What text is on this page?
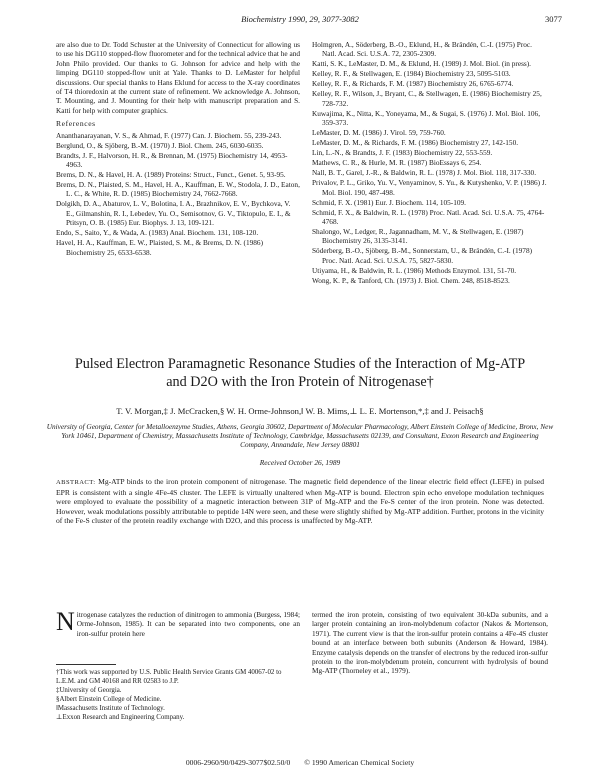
Biochemistry 1990, 29, 3077-3082	3077

are also due to Dr. Todd Schuster at the University of Connecticut for allowing us to use his DG110 stopped-flow fluorometer and for the technical advice that he and John Philo provided. Our thanks to G. Johnson for advice and help with the limping DG110 stopped-flow unit at Yale. Thanks to D. LeMaster for helpful discussions. Our special thanks to Hans Eklund for access to the X-ray coordinates of T4 thioredoxin at the current state of refinement. We acknowledge A. Johnson, T. Mounting, and J. Mounting for their help with manuscript preparation and S. Katti for help with computer graphics.

References

Ananthanarayanan, V. S., & Ahmad, F. (1977) Can. J. Biochem. 55, 239-243.

Berglund, O., & Sjöberg, B.-M. (1970) J. Biol. Chem. 245, 6030-6035.

Brandts, J. F., Halvorson, H. R., & Brennan, M. (1975) Biochemistry 14, 4953-4963.

Brems, D. N., & Havel, H. A. (1989) Proteins: Struct., Funct., Genet. 5, 93-95.

Brems, D. N., Plaisted, S. M., Havel, H. A., Kauffman, E. W., Stodola, J. D., Eaton, L. C., & White, R. D. (1985) Biochemistry 24, 7662-7668.

Dolgikh, D. A., Abaturov, L. V., Bolotina, I. A., Brazhnikov, E. V., Bychkova, V. E., Gilmanshin, R. I., Lebedev, Yu. O., Semisotnov, G. V., Tiktopulo, E. I., & Ptitsyn, O. B. (1985) Eur. Biophys. J. 13, 109-121.

Endo, S., Saito, Y., & Wada, A. (1983) Anal. Biochem. 131, 108-120.

Havel, H. A., Kauffman, E. W., Plaisted, S. M., & Brems, D. N. (1986) Biochemistry 25, 6533-6538.

Holmgren, A., Söderberg, B.-O., Eklund, H., & Brändén, C.-I. (1975) Proc. Natl. Acad. Sci. U.S.A. 72, 2305-2309.

Katti, S. K., LeMaster, D. M., & Eklund, H. (1989) J. Mol. Biol. (in press).

Kelley, R. F., & Stellwagen, E. (1984) Biochemistry 23, 5095-5103.

Kelley, R. F., & Richards, F. M. (1987) Biochemistry 26, 6765-6774.

Kelley, R. F., Wilson, J., Bryant, C., & Stellwagen, E. (1986) Biochemistry 25, 728-732.

Kuwajima, K., Nitta, K., Yoneyama, M., & Sugai, S. (1976) J. Mol. Biol. 106, 359-373.

LeMaster, D. M. (1986) J. Virol. 59, 759-760.

LeMaster, D. M., & Richards, F. M. (1986) Biochemistry 27, 142-150.

Lin, L.-N., & Brandts, J. F. (1983) Biochemistry 22, 553-559.

Mathews, C. R., & Hurle, M. R. (1987) BioEssays 6, 254.

Nall, B. T., Garel, J.-R., & Baldwin, R. L. (1978) J. Mol. Biol. 118, 317-330.

Privalov, P. L., Griko, Yu. V., Venyaminov, S. Yu., & Kutyshenko, V. P. (1986) J. Mol. Biol. 190, 487-498.

Schmid, F. X. (1981) Eur. J. Biochem. 114, 105-109.

Schmid, F. X., & Baldwin, R. L. (1978) Proc. Natl. Acad. Sci. U.S.A. 75, 4764-4768.

Shalongo, W., Ledger, R., Jagannadham, M. V., & Stellwagen, E. (1987) Biochemistry 26, 3135-3141.

Söderberg, B.-O., Sjöberg, B.-M., Sonnerstam, U., & Brändén, C.-I. (1978) Proc. Natl. Acad. Sci. U.S.A. 75, 5827-5830.

Utiyama, H., & Baldwin, R. L. (1986) Methods Enzymol. 131, 51-70.

Wong, K. P., & Tanford, Ch. (1973) J. Biol. Chem. 248, 8518-8523.

Pulsed Electron Paramagnetic Resonance Studies of the Interaction of Mg-ATP
and D2O with the Iron Protein of Nitrogenase†
T. V. Morgan,‡ J. McCracken,§ W. H. Orme-Johnson,‖ W. B. Mims,⊥ L. E. Mortenson,*,‡ and J. Peisach§
University of Georgia, Center for Metalloenzyme Studies, Athens, Georgia 30602, Department of Molecular Pharmacology, Albert Einstein College of Medicine, Bronx, New York 10461, Department of Chemistry, Massachusetts Institute of Technology, Cambridge, Massachusetts 02139, and Consultant, Exxon Research and Engineering Company, Annandale, New Jersey 08801
Received October 26, 1989
ABSTRACT: Mg-ATP binds to the iron protein component of nitrogenase. The magnetic field dependence of the linear electric field effect (LEFE) in pulsed EPR is consistent with a single 4Fe-4S cluster. The LEFE is virtually unaltered when Mg-ATP is bound. Electron spin echo envelope modulation techniques were employed to evaluate the possibility of a magnetic interaction between 31P of Mg-ATP and the Fe-S center of the iron protein. None was detected. However, weak modulations possibly attributable to peptide 14N were seen, and these were slightly shifted by Mg-ATP addition. Further, protons in the vicinity of the Fe-S cluster of the protein readily exchange with D2O, and this process is unaffected by Mg-ATP.
N itrogenase catalyzes the reduction of dinitrogen to ammonia (Burgess, 1984; Orme-Johnson, 1985). It can be separated into two components, one an iron-sulfur protein here

†This work was supported by U.S. Public Health Service Grants GM 40067-02 to L.E.M. and GM 40168 and RR 02583 to J.P.

‡University of Georgia.

§Albert Einstein College of Medicine.

‖Massachusetts Institute of Technology.

⊥Exxon Research and Engineering Company.

termed the iron protein, consisting of two equivalent 30-kDa subunits, and a larger protein containing an iron-molybdenum cofactor (Nakos & Mortenson, 1971). The current view is that the iron-sulfur protein contains a 4Fe-4S cluster bound at an interface between both subunits (Anderson & Howard, 1984). Enzyme catalysis depends on the transfer of electrons by the reduced iron-sulfur protein to the iron-molybdenum protein, concurrent with hydrolysis of bound Mg-ATP (Thorneley et al., 1979).
0006-2960/90/0429-3077$02.50/0 © 1990 American Chemical Society
